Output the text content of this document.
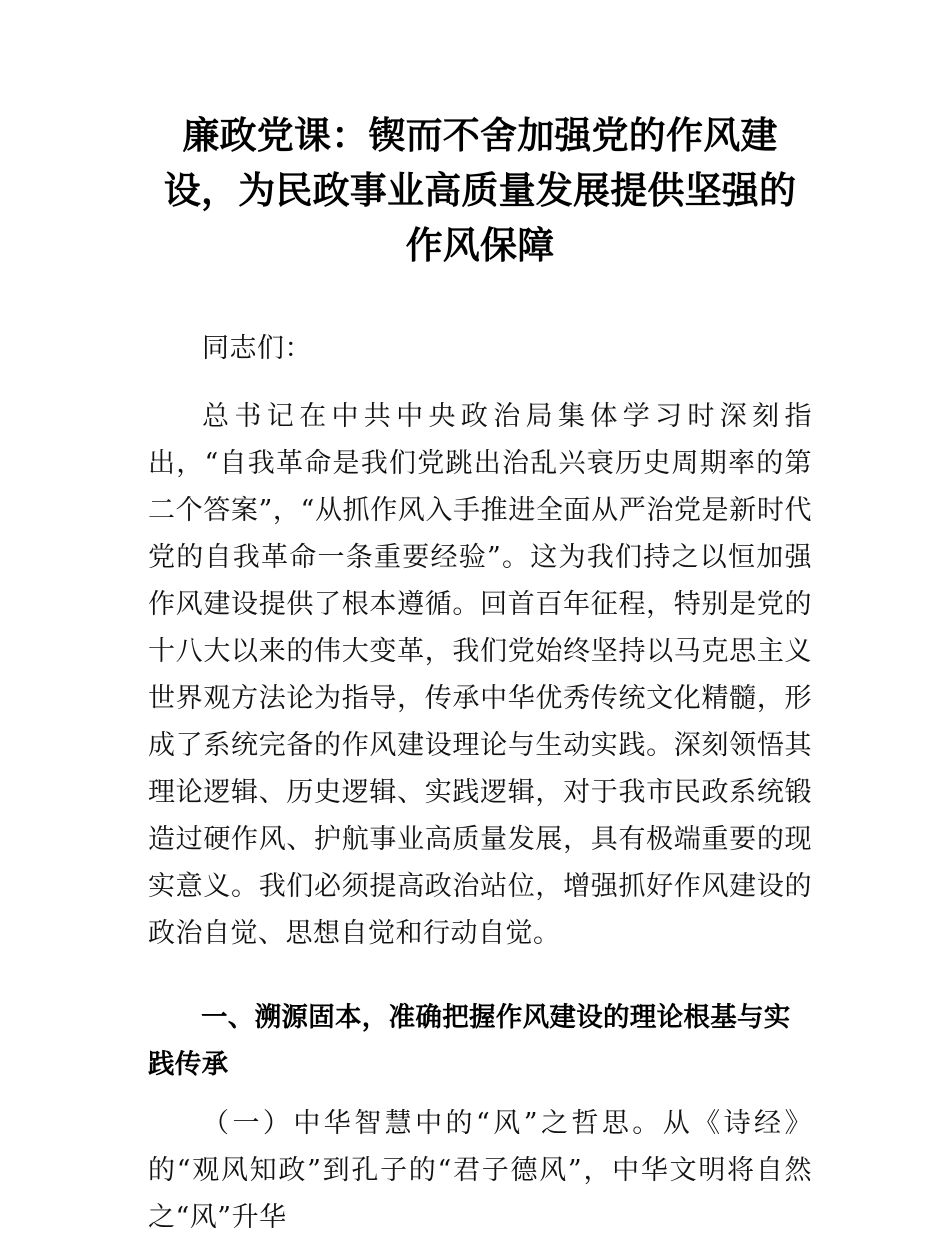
廉政党课：锲而不舍加强党的作风建设，为民政事业高质量发展提供坚强的作风保障

同志们：

总书记在中共中央政治局集体学习时深刻指出，“自我革命是我们党跳出治乱兴衰历史周期率的第二个答案”，“从抓作风入手推进全面从严治党是新时代党的自我革命一条重要经验”。这为我们持之以恒加强作风建设提供了根本遵循。回首百年征程，特别是党的十八大以来的伟大变革，我们党始终坚持以马克思主义世界观方法论为指导，传承中华优秀传统文化精髓，形成了系统完备的作风建设理论与生动实践。深刻领悟其理论逻辑、历史逻辑、实践逻辑，对于我市民政系统锻造过硬作风、护航事业高质量发展，具有极端重要的现实意义。我们必须提高政治站位，增强抓好作风建设的政治自觉、思想自觉和行动自觉。

一、溯源固本，准确把握作风建设的理论根基与实践传承

（一）中华智慧中的“风”之哲思。从《诗经》的“观风知政”到孔子的“君子德风”，中华文明将自然之“风”升华
